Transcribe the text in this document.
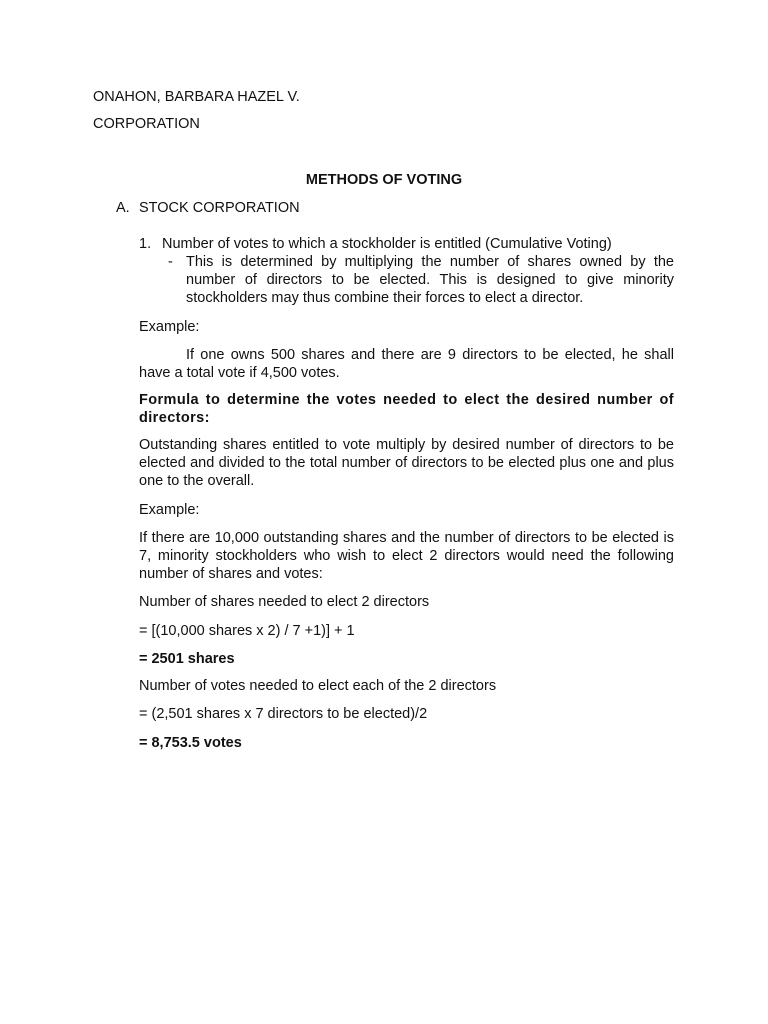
ONAHON, BARBARA HAZEL V.
CORPORATION
METHODS OF VOTING
A. STOCK CORPORATION
1. Number of votes to which a stockholder is entitled (Cumulative Voting)
- This is determined by multiplying the number of shares owned by the number of directors to be elected. This is designed to give minority stockholders may thus combine their forces to elect a director.
Example:
If one owns 500 shares and there are 9 directors to be elected, he shall have a total vote if 4,500 votes.
Formula to determine the votes needed to elect the desired number of directors:
Outstanding shares entitled to vote multiply by desired number of directors to be elected and divided to the total number of directors to be elected plus one and plus one to the overall.
Example:
If there are 10,000 outstanding shares and the number of directors to be elected is 7, minority stockholders who wish to elect 2 directors would need the following number of shares and votes:
Number of shares needed to elect 2 directors
= [(10,000 shares x 2) / 7 +1)] + 1
= 2501 shares
Number of votes needed to elect each of the 2 directors
= (2,501 shares x 7 directors to be elected)/2
= 8,753.5 votes
